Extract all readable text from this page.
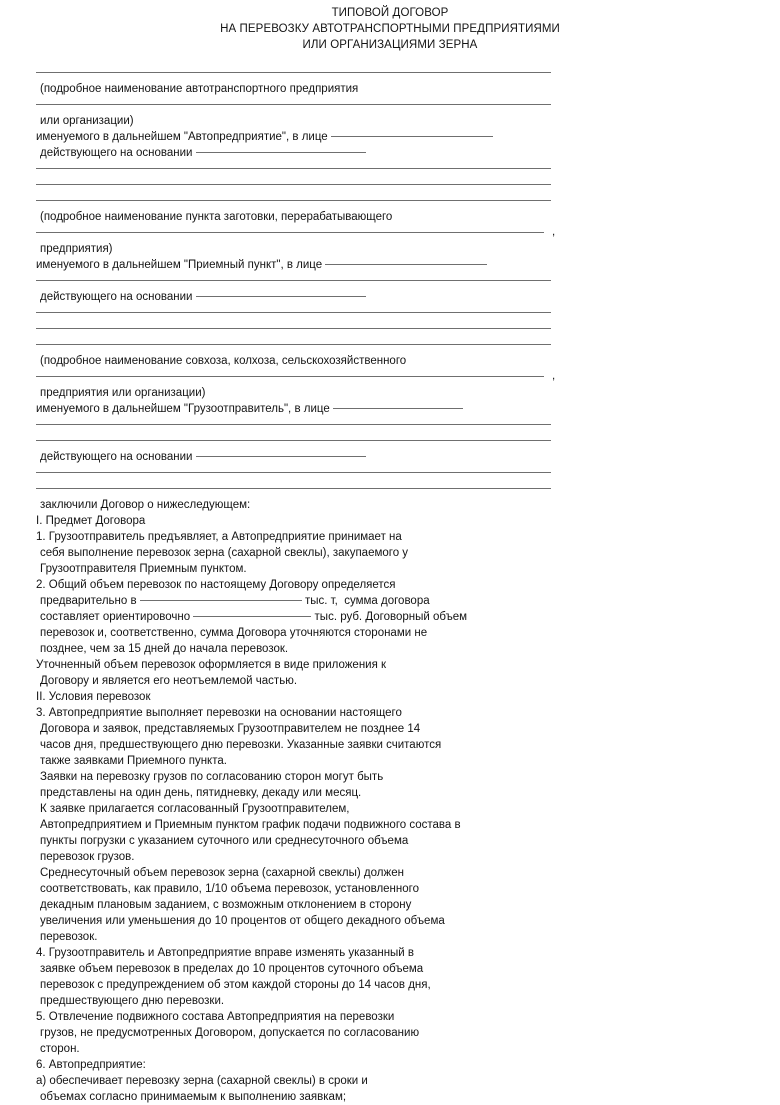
ТИПОВОЙ ДОГОВОР
НА ПЕРЕВОЗКУ АВТОТРАНСПОРТНЫМИ ПРЕДПРИЯТИЯМИ
ИЛИ ОРГАНИЗАЦИЯМИ ЗЕРНА
(подробное наименование автотранспортного предприятия
или организации)
именуемого в дальнейшем "Автопредприятие", в лице
действующего на основании
(подробное наименование пункта заготовки, перерабатывающего
,
предприятия)
именуемого в дальнейшем "Приемный пункт", в лице
действующего на основании
(подробное наименование совхоза, колхоза, сельскохозяйственного
,
предприятия или организации)
именуемого в дальнейшем "Грузоотправитель", в лице
действующего на основании
заключили Договор о нижеследующем:
I. Предмет Договора
1. Грузоотправитель предъявляет, а Автопредприятие принимает на
себя выполнение перевозок зерна (сахарной свеклы), закупаемого у
Грузоотправителя Приемным пунктом.
2. Общий объем перевозок по настоящему Договору определяется
предварительно в	тыс. т,  сумма договора
составляет ориентировочно	тыс. руб. Договорный объем
перевозок и, соответственно, сумма Договора уточняются сторонами не
позднее, чем за 15 дней до начала перевозок.
Уточненный объем перевозок оформляется в виде приложения к
Договору и является его неотъемлемой частью.
II. Условия перевозок
3. Автопредприятие выполняет перевозки на основании настоящего
Договора и заявок, представляемых Грузоотправителем не позднее 14
часов дня, предшествующего дню перевозки. Указанные заявки считаются
также заявками Приемного пункта.
Заявки на перевозку грузов по согласованию сторон могут быть
представлены на один день, пятидневку, декаду или месяц.
К заявке прилагается согласованный Грузоотправителем,
Автопредприятием и Приемным пунктом график подачи подвижного состава в
пункты погрузки с указанием суточного или среднесуточного объема
перевозок грузов.
Среднесуточный объем перевозок зерна (сахарной свеклы) должен
соответствовать, как правило, 1/10 объема перевозок, установленного
декадным плановым заданием, с возможным отклонением в сторону
увеличения или уменьшения до 10 процентов от общего декадного объема
перевозок.
4. Грузоотправитель и Автопредприятие вправе изменять указанный в
заявке объем перевозок в пределах до 10 процентов суточного объема
перевозок с предупреждением об этом каждой стороны до 14 часов дня,
предшествующего дню перевозки.
5. Отвлечение подвижного состава Автопредприятия на перевозки
грузов, не предусмотренных Договором, допускается по согласованию
сторон.
6. Автопредприятие:
а) обеспечивает перевозку зерна (сахарной свеклы) в сроки и
объемах согласно принимаемым к выполнению заявкам;
